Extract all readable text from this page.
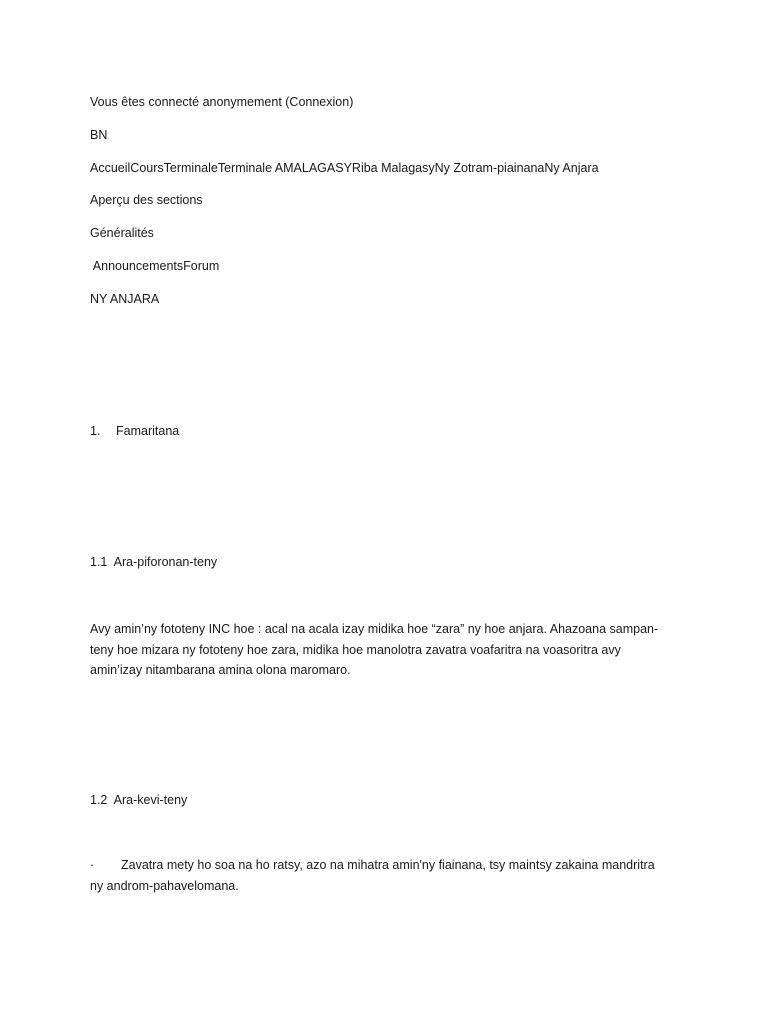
Vous êtes connecté anonymement (Connexion)
BN
AccueilCoursTerminaleTerminale AMALAGASYRiba MalagasyNy Zotram-piainanaNy Anjara
Aperçu des sections
Généralités
AnnouncementsForum
NY ANJARA
1. Famaritana
1.1  Ara-piforonan-teny
Avy amin’ny fototeny INC hoe : acal na acala izay midika hoe “zara” ny hoe anjara. Ahazoana sampan-teny hoe mizara ny fototeny hoe zara, midika hoe manolotra zavatra voafaritra na voasoritra avy amin’izay nitambarana amina olona maromaro.
1.2  Ara-kevi-teny
· Zavatra mety ho soa na ho ratsy, azo na mihatra amin'ny fiainana, tsy maintsy zakaina mandritra ny androm-pahavelomana.
